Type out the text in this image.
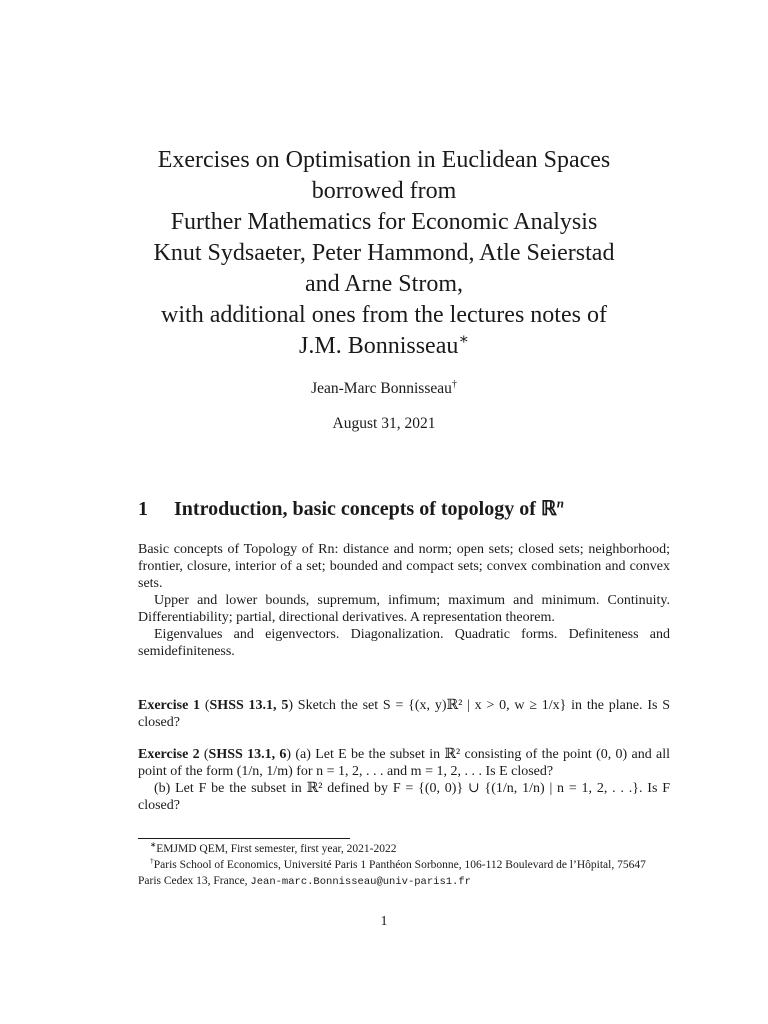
Exercises on Optimisation in Euclidean Spaces
borrowed from
Further Mathematics for Economic Analysis
Knut Sydsaeter, Peter Hammond, Atle Seierstad
and Arne Strom,
with additional ones from the lectures notes of
J.M. Bonnisseau∗
Jean-Marc Bonnisseau†
August 31, 2021
1 Introduction, basic concepts of topology of ℝ$^n$

Basic concepts of Topology of Rn: distance and norm; open sets; closed sets; neighborhood; frontier, closure, interior of a set; bounded and compact sets; convex combination and convex sets.

Upper and lower bounds, supremum, infimum; maximum and minimum. Continuity. Differentiability; partial, directional derivatives. A representation theorem.

Eigenvalues and eigenvectors. Diagonalization. Quadratic forms. Definiteness and semidefiniteness.

Exercise 1 (SHSS 13.1, 5) Sketch the set S = {(x, y)ℝ² | x > 0, w ≥ 1/x} in the plane. Is S closed?

Exercise 2 (SHSS 13.1, 6) (a) Let E be the subset in ℝ² consisting of the point (0, 0) and all point of the form (1/n, 1/m) for n = 1, 2, . . . and m = 1, 2, . . . Is E closed?

(b) Let F be the subset in ℝ² defined by F = {(0, 0)} ∪ {(1/n, 1/n) | n = 1, 2, . . .}. Is F closed?

∗EMJMD QEM, First semester, first year, 2021-2022

†Paris School of Economics, Université Paris 1 Panthéon Sorbonne, 106-112 Boulevard de l’Hôpital, 75647 Paris Cedex 13, France, Jean-marc.Bonnisseau@univ-paris1.fr

1
